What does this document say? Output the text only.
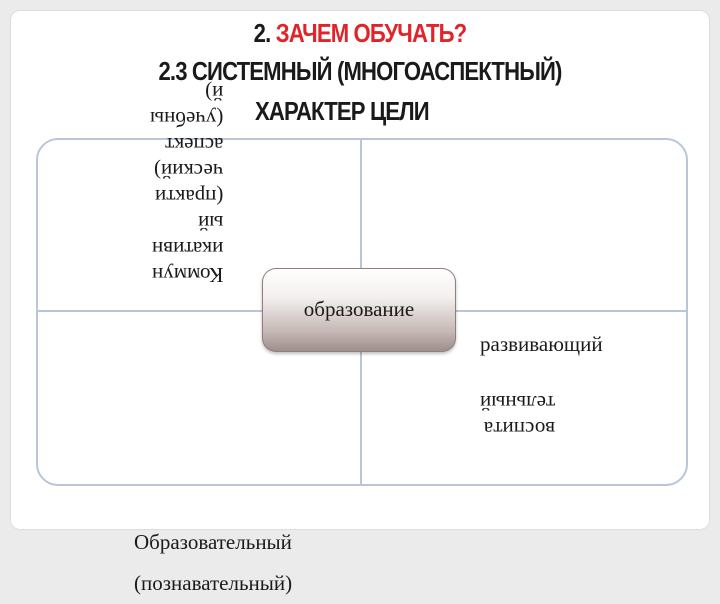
2. ЗАЧЕМ ОБУЧАТЬ?
2.3 СИСТЕМНЫЙ (МНОГОАСПЕКТНЫЙ)
ХАРАКТЕР ЦЕЛИ
развивающий
Образовательный
(познавательный)
Коммун
икативн
ый
(практи
ческий)
аспект
(учебны
й)
воспита
тельный
образование
